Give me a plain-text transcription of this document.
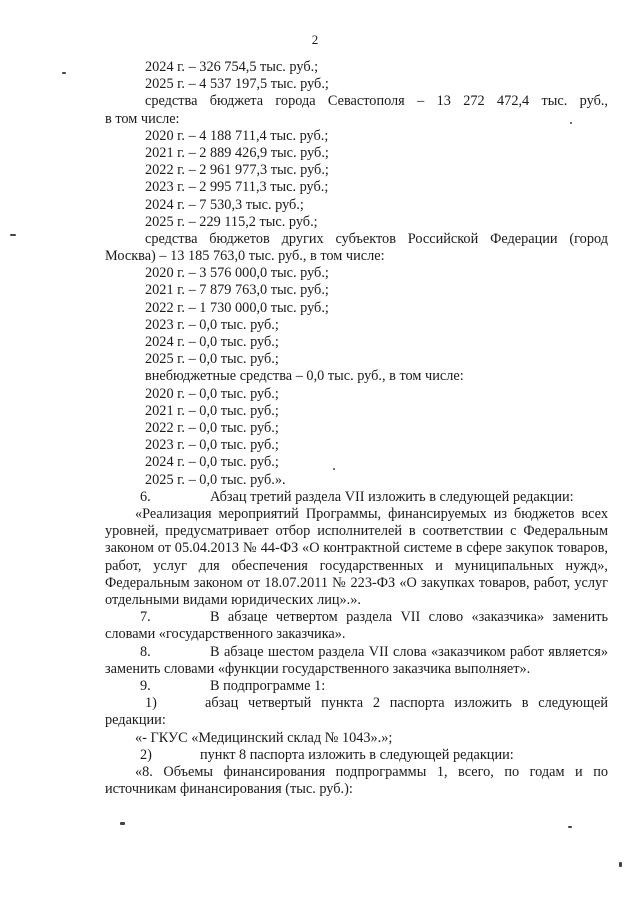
2
2024 г. – 326 754,5 тыс. руб.;
2025 г. – 4 537 197,5 тыс. руб.;
средства бюджета города Севастополя – 13 272 472,4 тыс. руб.,
в том числе:
2020 г. – 4 188 711,4 тыс. руб.;
2021 г. – 2 889 426,9 тыс. руб.;
2022 г. – 2 961 977,3 тыс. руб.;
2023 г. – 2 995 711,3 тыс. руб.;
2024 г. – 7 530,3 тыс. руб.;
2025 г. – 229 115,2 тыс. руб.;
средства бюджетов других субъектов Российской Федерации (город
Москва) – 13 185 763,0 тыс. руб., в том числе:
2020 г. – 3 576 000,0 тыс. руб.;
2021 г. – 7 879 763,0 тыс. руб.;
2022 г. – 1 730 000,0 тыс. руб.;
2023 г. – 0,0 тыс. руб.;
2024 г. – 0,0 тыс. руб.;
2025 г. – 0,0 тыс. руб.;
внебюджетные средства – 0,0 тыс. руб., в том числе:
2020 г. – 0,0 тыс. руб.;
2021 г. – 0,0 тыс. руб.;
2022 г. – 0,0 тыс. руб.;
2023 г. – 0,0 тыс. руб.;
2024 г. – 0,0 тыс. руб.;
2025 г. – 0,0 тыс. руб.».
6.	Абзац третий раздела VII изложить в следующей редакции:
«Реализация мероприятий Программы, финансируемых из бюджетов всех уровней, предусматривает отбор исполнителей в соответствии с Федеральным законом от 05.04.2013 № 44-ФЗ «О контрактной системе в сфере закупок товаров, работ, услуг для обеспечения государственных и муниципальных нужд», Федеральным законом от 18.07.2011 № 223-ФЗ «О закупках товаров, работ, услуг отдельными видами юридических лиц».».
7.	В абзаце четвертом раздела VII слово «заказчика» заменить словами «государственного заказчика».
8.	В абзаце шестом раздела VII слова «заказчиком работ является» заменить словами «функции государственного заказчика выполняет».
9.	В подпрограмме 1:
1)	абзац четвертый пункта 2 паспорта изложить в следующей редакции:
«- ГКУС «Медицинский склад № 1043».»;
2)	пункт 8 паспорта изложить в следующей редакции:
«8. Объемы финансирования подпрограммы 1, всего, по годам и по источникам финансирования (тыс. руб.):
